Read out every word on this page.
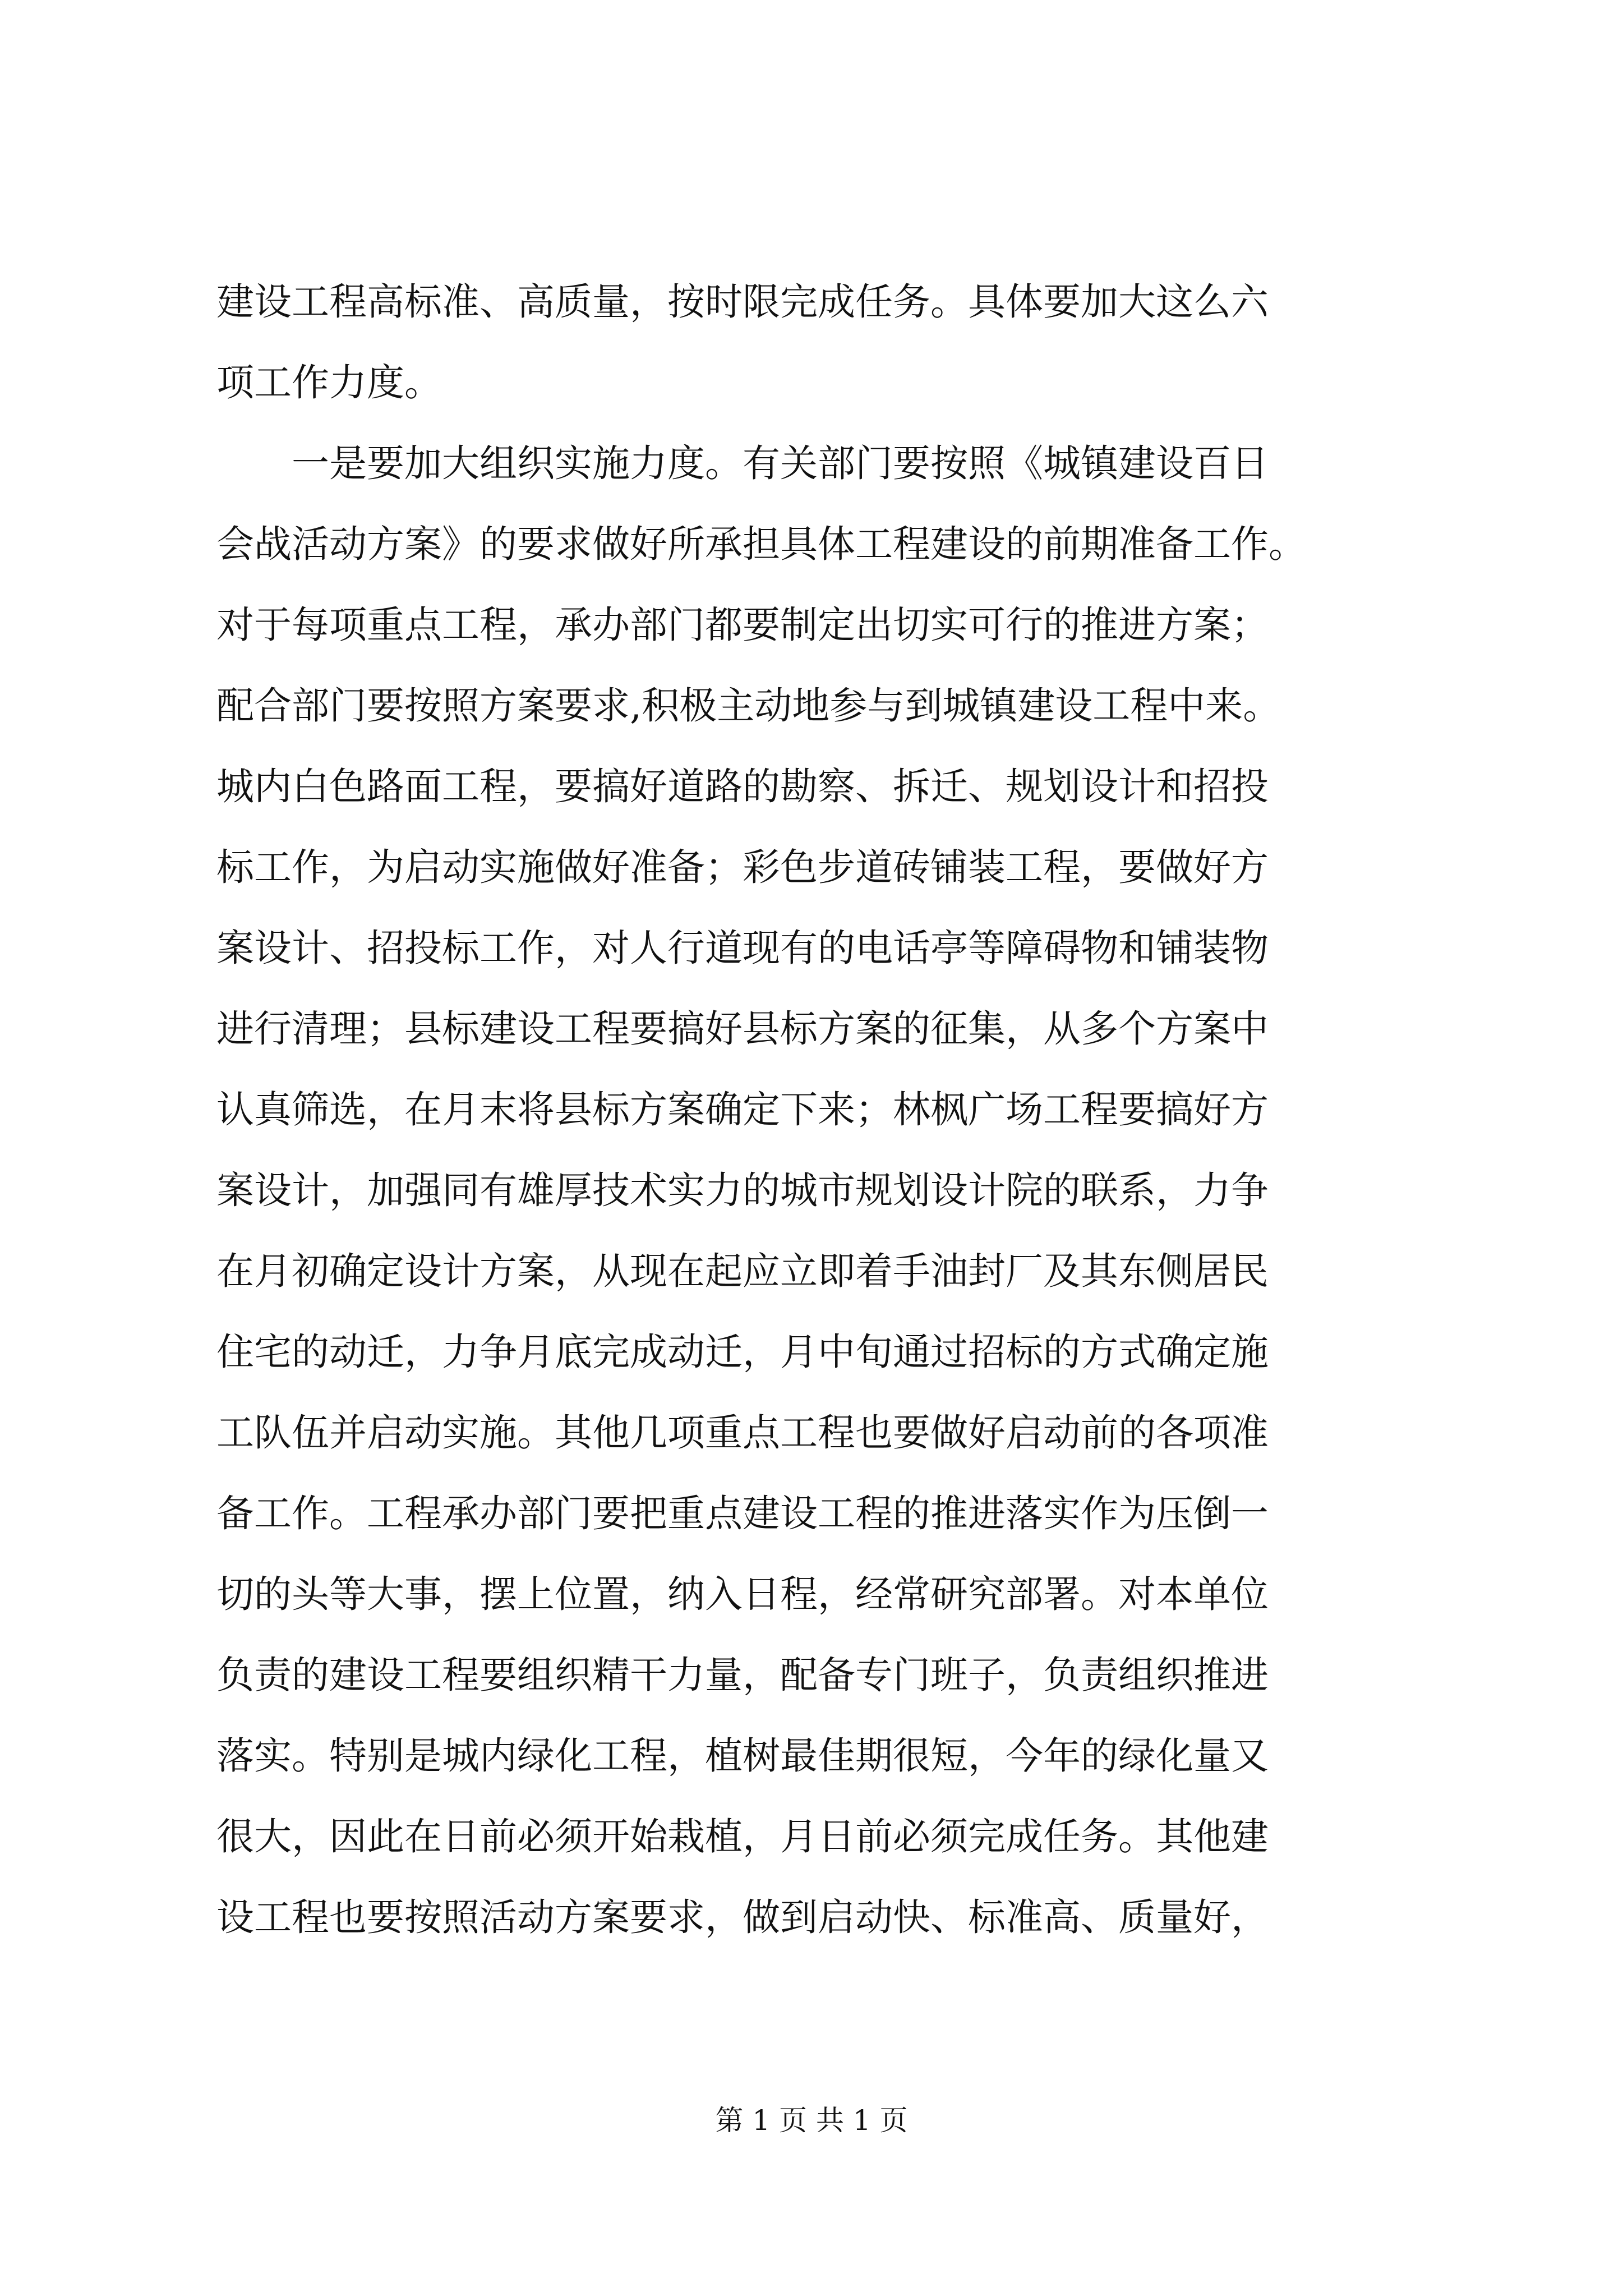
建设工程高标准、高质量，按时限完成任务。具体要加大这么六
项工作力度。
　　一是要加大组织实施力度。有关部门要按照《城镇建设百日
会战活动方案》的要求做好所承担具体工程建设的前期准备工作。
对于每项重点工程，承办部门都要制定出切实可行的推进方案；
配合部门要按照方案要求,积极主动地参与到城镇建设工程中来。
城内白色路面工程，要搞好道路的勘察、拆迁、规划设计和招投
标工作，为启动实施做好准备；彩色步道砖铺装工程，要做好方
案设计、招投标工作，对人行道现有的电话亭等障碍物和铺装物
进行清理；县标建设工程要搞好县标方案的征集，从多个方案中
认真筛选，在月末将县标方案确定下来；林枫广场工程要搞好方
案设计，加强同有雄厚技术实力的城市规划设计院的联系，力争
在月初确定设计方案，从现在起应立即着手油封厂及其东侧居民
住宅的动迁，力争月底完成动迁，月中旬通过招标的方式确定施
工队伍并启动实施。其他几项重点工程也要做好启动前的各项准
备工作。工程承办部门要把重点建设工程的推进落实作为压倒一
切的头等大事，摆上位置，纳入日程，经常研究部署。对本单位
负责的建设工程要组织精干力量，配备专门班子，负责组织推进
落实。特别是城内绿化工程，植树最佳期很短，今年的绿化量又
很大，因此在日前必须开始栽植，月日前必须完成任务。其他建
设工程也要按照活动方案要求，做到启动快、标准高、质量好，
第 1 页 共 1 页
